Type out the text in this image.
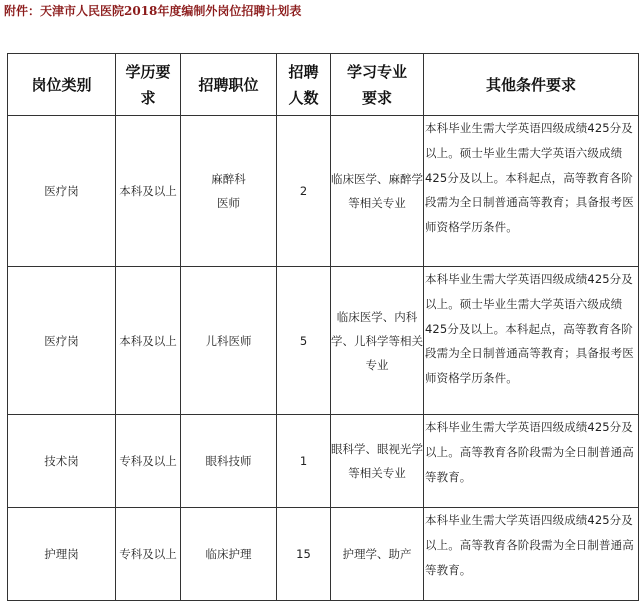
附件：天津市人民医院2018年度编制外岗位招聘计划表
岗位类别	学历要求	招聘职位	招聘人数	学习专业 要求	其他条件要求
医疗岗	本科及以上	麻醉科医师	2	临床医学、麻醉学等相关专业	本科毕业生需大学英语四级成绩425分及以上。硕士毕业生需大学英语六级成绩425分及以上。本科起点，高等教育各阶段需为全日制普通高等教育；具备报考医师资格学历条件。
医疗岗	本科及以上	儿科医师	5	临床医学、内科学、儿科学等相关专业	本科毕业生需大学英语四级成绩425分及以上。硕士毕业生需大学英语六级成绩425分及以上。本科起点，高等教育各阶段需为全日制普通高等教育；具备报考医师资格学历条件。
技术岗	专科及以上	眼科技师	1	眼科学、眼视光学等相关专业	本科毕业生需大学英语四级成绩425分及以上。高等教育各阶段需为全日制普通高等教育。
护理岗	专科及以上	临床护理	15	护理学、助产	本科毕业生需大学英语四级成绩425分及以上。高等教育各阶段需为全日制普通高等教育。
